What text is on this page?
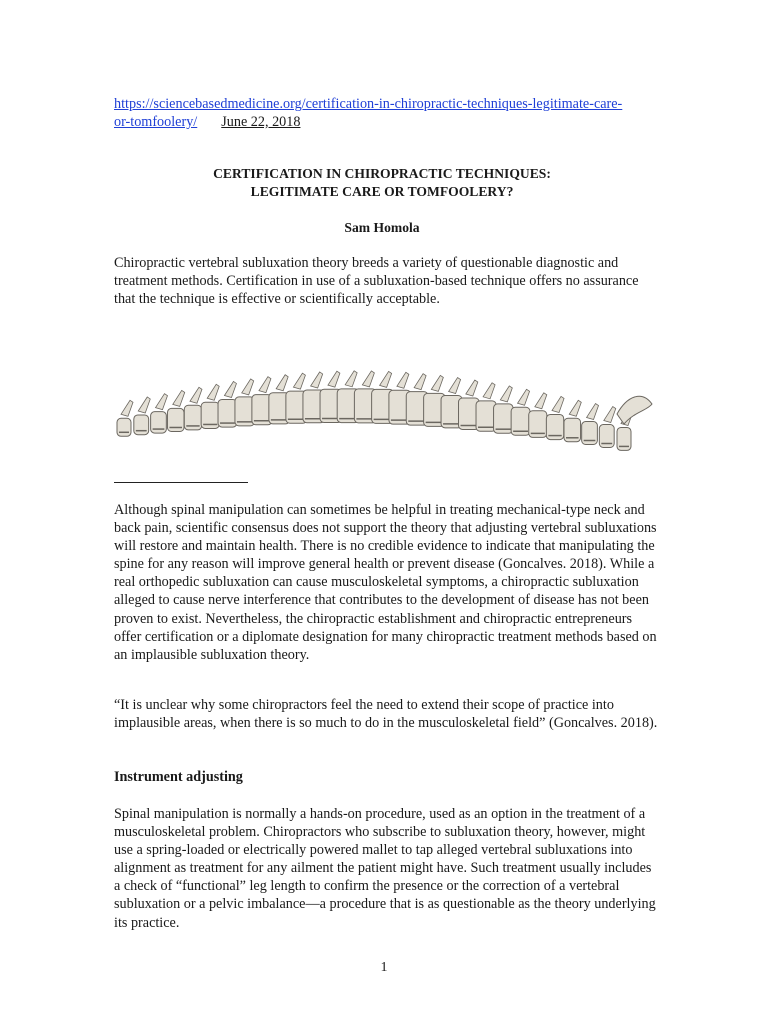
https://sciencebasedmedicine.org/certification-in-chiropractic-techniques-legitimate-care-
or-tomfoolery/ June 22, 2018
CERTIFICATION IN CHIROPRACTIC TECHNIQUES:
LEGITIMATE CARE OR TOMFOOLERY?
Sam Homola

Chiropractic vertebral subluxation theory breeds a variety of questionable diagnostic and treatment methods. Certification in use of a subluxation-based technique offers no assurance that the technique is effective or scientifically acceptable.

Although spinal manipulation can sometimes be helpful in treating mechanical-type neck and back pain, scientific consensus does not support the theory that adjusting vertebral subluxations will restore and maintain health. There is no credible evidence to indicate that manipulating the spine for any reason will improve general health or prevent disease (Goncalves. 2018). While a real orthopedic subluxation can cause musculoskeletal symptoms, a chiropractic subluxation alleged to cause nerve interference that contributes to the development of disease has not been proven to exist. Nevertheless, the chiropractic establishment and chiropractic entrepreneurs offer certification or a diplomate designation for many chiropractic treatment methods based on an implausible subluxation theory.

“It is unclear why some chiropractors feel the need to extend their scope of practice into implausible areas, when there is so much to do in the musculoskeletal field” (Goncalves. 2018).

Instrument adjusting

Spinal manipulation is normally a hands-on procedure, used as an option in the treatment of a musculoskeletal problem. Chiropractors who subscribe to subluxation theory, however, might use a spring-loaded or electrically powered mallet to tap alleged vertebral subluxations into alignment as treatment for any ailment the patient might have. Such treatment usually includes a check of “functional” leg length to confirm the presence or the correction of a vertebral subluxation or a pelvic imbalance—a procedure that is as questionable as the theory underlying its practice.

1
